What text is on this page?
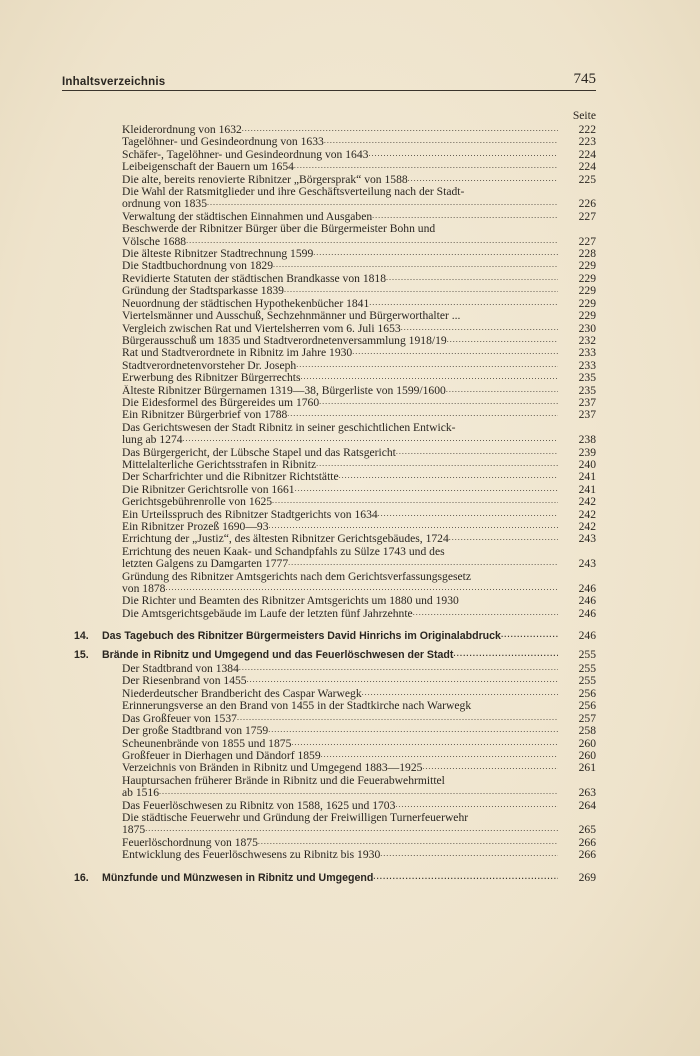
Inhaltsverzeichnis	745
Seite
Kleiderordnung von 1632 .....	222
Tagelöhner- und Gesindeordnung von 1633 .....	223
Schäfer-, Tagelöhner- und Gesindeordnung von 1643 .....	224
Leibeigenschaft der Bauern um 1654 .....	224
Die alte, bereits renovierte Ribnitzer „Börgersprak“ von 1588 .....	225
Die Wahl der Ratsmitglieder und ihre Geschäftsverteilung nach der Stadt-
ordnung von 1835 .....	226
Verwaltung der städtischen Einnahmen und Ausgaben .....	227
Beschwerde der Ribnitzer Bürger über die Bürgermeister Bohn und
Völsche 1688 .....	227
Die älteste Ribnitzer Stadtrechnung 1599 .....	228
Die Stadtbuchordnung von 1829 .....	229
Revidierte Statuten der städtischen Brandkasse von 1818 .....	229
Gründung der Stadtsparkasse 1839 .....	229
Neuordnung der städtischen Hypothekenbücher 1841 .....	229
Viertelsmänner und Ausschuß, Sechzehnmänner und Bürgerworthalter ...	229
Vergleich zwischen Rat und Viertelsherren vom 6. Juli 1653 .....	230
Bürgerausschuß um 1835 und Stadtverordnetenversammlung 1918/19 .....	232
Rat und Stadtverordnete in Ribnitz im Jahre 1930 .....	233
Stadtverordnetenvorsteher Dr. Joseph .....	233
Erwerbung des Ribnitzer Bürgerrechts .....	235
Älteste Ribnitzer Bürgernamen 1319—38, Bürgerliste von 1599/1600 .....	235
Die Eidesformel des Bürgereides um 1760 .....	237
Ein Ribnitzer Bürgerbrief von 1788 .....	237
Das Gerichtswesen der Stadt Ribnitz in seiner geschichtlichen Entwick-
lung ab 1274 .....	238
Das Bürgergericht, der Lübsche Stapel und das Ratsgericht .....	239
Mittelalterliche Gerichtsstrafen in Ribnitz .....	240
Der Scharfrichter und die Ribnitzer Richtstätte .....	241
Die Ribnitzer Gerichtsrolle von 1661 .....	241
Gerichtsgebührenrolle von 1625 .....	242
Ein Urteilsspruch des Ribnitzer Stadtgerichts von 1634 .....	242
Ein Ribnitzer Prozeß 1690—93 .....	242
Errichtung der „Justiz“, des ältesten Ribnitzer Gerichtsgebäudes, 1724 .....	243
Errichtung des neuen Kaak- und Schandpfahls zu Sülze 1743 und des
letzten Galgens zu Damgarten 1777 .....	243
Gründung des Ribnitzer Amtsgerichts nach dem Gerichtsverfassungsgesetz
von 1878 .....	246
Die Richter und Beamten des Ribnitzer Amtsgerichts um 1880 und 1930	246
Die Amtsgerichtsgebäude im Laufe der letzten fünf Jahrzehnte .....	246
14.	Das Tagebuch des Ribnitzer Bürgermeisters David Hinrichs im Originalabdruck .....	246
15.	Brände in Ribnitz und Umgegend und das Feuerlöschwesen der Stadt .....	255
Der Stadtbrand von 1384 .....	255
Der Riesenbrand von 1455 .....	255
Niederdeutscher Brandbericht des Caspar Warwegk .....	256
Erinnerungsverse an den Brand von 1455 in der Stadtkirche nach Warwegk	256
Das Großfeuer von 1537 .....	257
Der große Stadtbrand von 1759 .....	258
Scheunenbrände von 1855 und 1875 .....	260
Großfeuer in Dierhagen und Dändorf 1859 .....	260
Verzeichnis von Bränden in Ribnitz und Umgegend 1883—1925 .....	261
Hauptursachen früherer Brände in Ribnitz und die Feuerabwehrmittel
ab 1516 .....	263
Das Feuerlöschwesen zu Ribnitz von 1588, 1625 und 1703 .....	264
Die städtische Feuerwehr und Gründung der Freiwilligen Turnerfeuerwehr
1875 .....	265
Feuerlöschordnung von 1875 .....	266
Entwicklung des Feuerlöschwesens zu Ribnitz bis 1930 .....	266
16.	Münzfunde und Münzwesen in Ribnitz und Umgegend .....	269
